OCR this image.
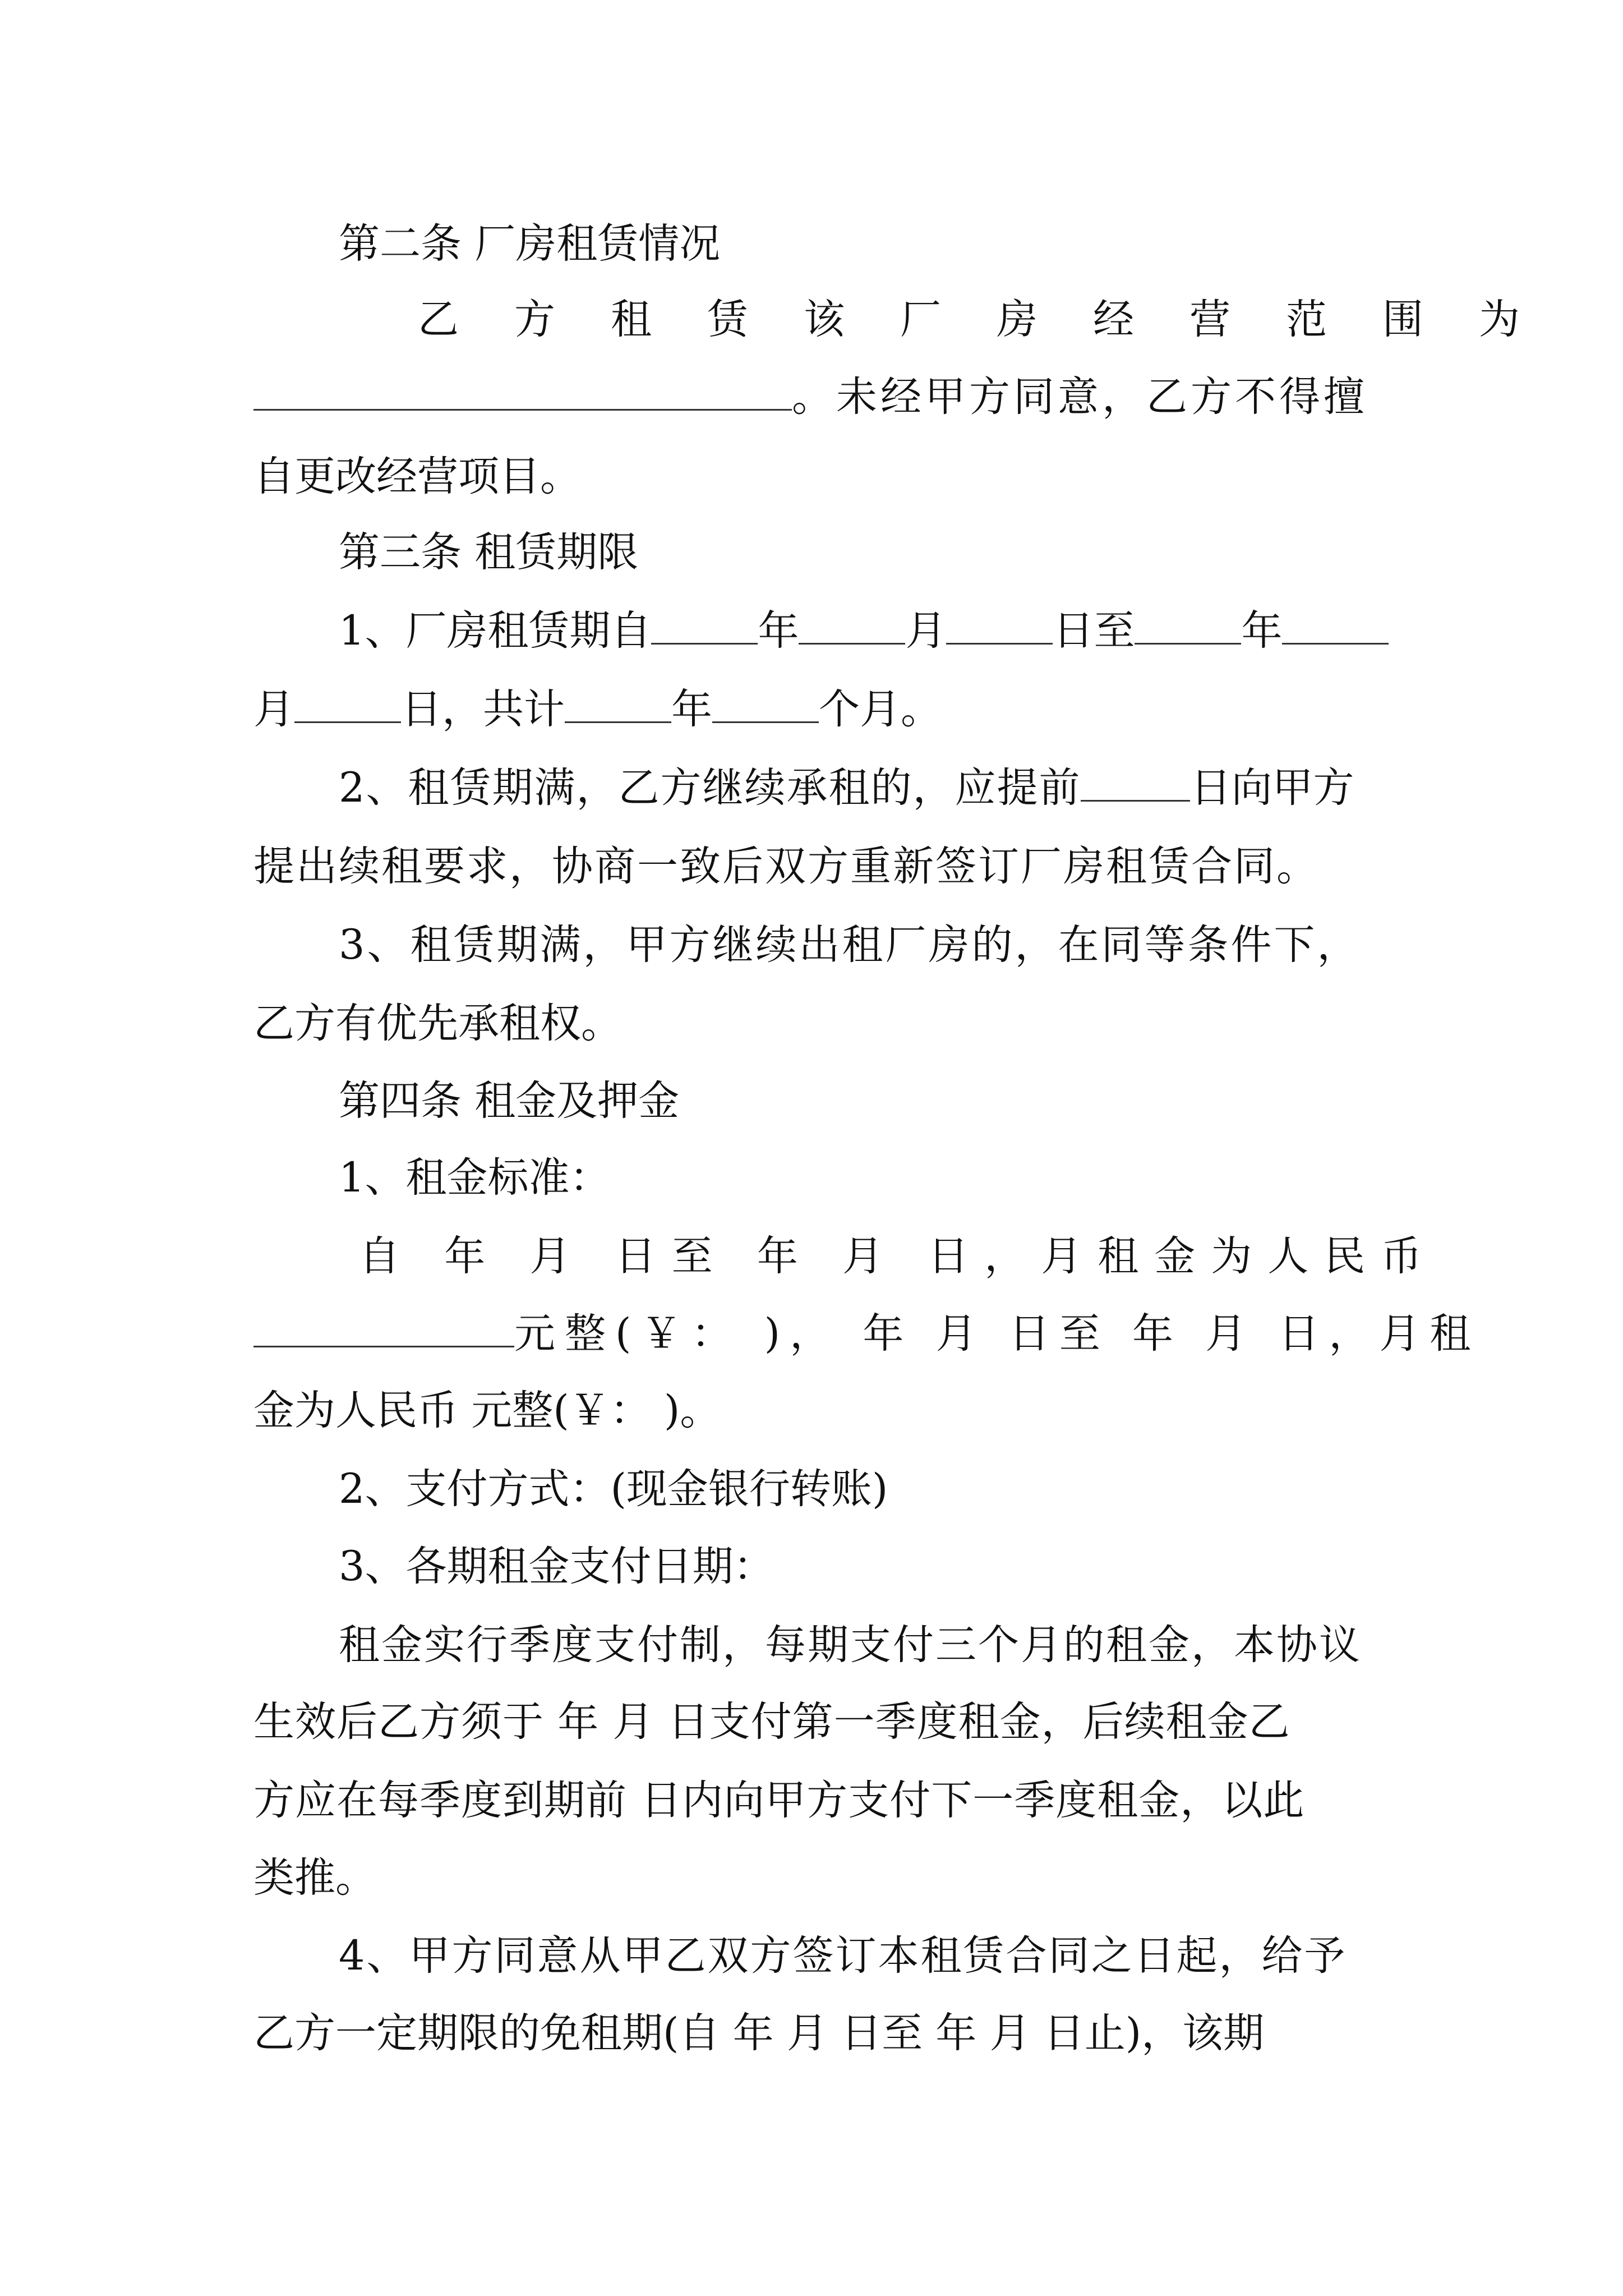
第二条 厂房租赁情况
乙方租赁该厂房经营范围为
。未经甲方同意，乙方不得擅
自更改经营项目。
第三条 租赁期限
1、厂房租赁期自	年	月	日至	年
月	日，共计	年	个月。
2、租赁期满，乙方继续承租的，应提前	日向甲方
提出续租要求，协商一致后双方重新签订厂房租赁合同。
3、租赁期满，甲方继续出租厂房的，在同等条件下，
乙方有优先承租权。
第四条 租金及押金
1、租金标准：
自 年 月 日至 年 月 日，月租金为人民币
元整(￥： )， 年 月 日至 年 月 日，月租
金为人民币 元整(￥： )。
2、支付方式：(现金银行转账)
3、各期租金支付日期：
租金实行季度支付制，每期支付三个月的租金，本协议
生效后乙方须于 年 月 日支付第一季度租金，后续租金乙
方应在每季度到期前 日内向甲方支付下一季度租金，以此
类推。
4、甲方同意从甲乙双方签订本租赁合同之日起，给予
乙方一定期限的免租期(自 年 月 日至 年 月 日止)，该期
